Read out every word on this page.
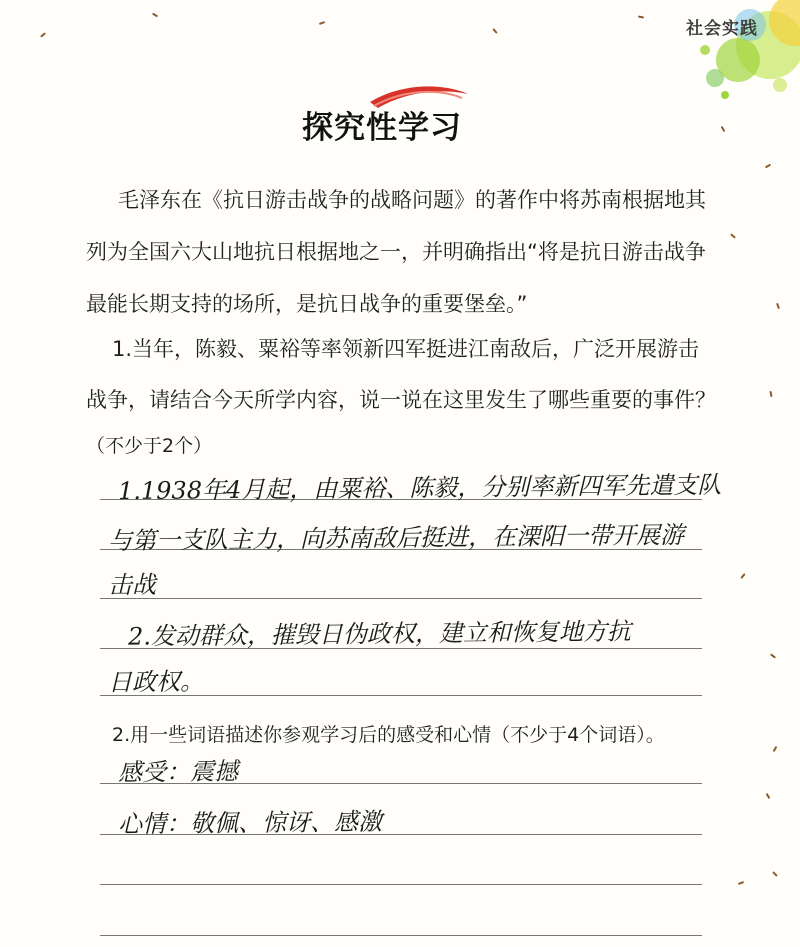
社会实践
探究性学习
毛泽东在《抗日游击战争的战略问题》的著作中将苏南根据地其
列为全国六大山地抗日根据地之一，并明确指出“将是抗日游击战争
最能长期支持的场所，是抗日战争的重要堡垒。”
1.当年，陈毅、粟裕等率领新四军挺进江南敌后，广泛开展游击
战争，请结合今天所学内容，说一说在这里发生了哪些重要的事件？
（不少于2个）
1.1938年4月起，由粟裕、陈毅，分别率新四军先遣支队
与第一支队主力，向苏南敌后挺进，在溧阳一带开展游
击战
2.发动群众，摧毁日伪政权，建立和恢复地方抗
日政权。
2.用一些词语描述你参观学习后的感受和心情（不少于4个词语）。
感受：震撼
心情：敬佩、惊讶、感激
